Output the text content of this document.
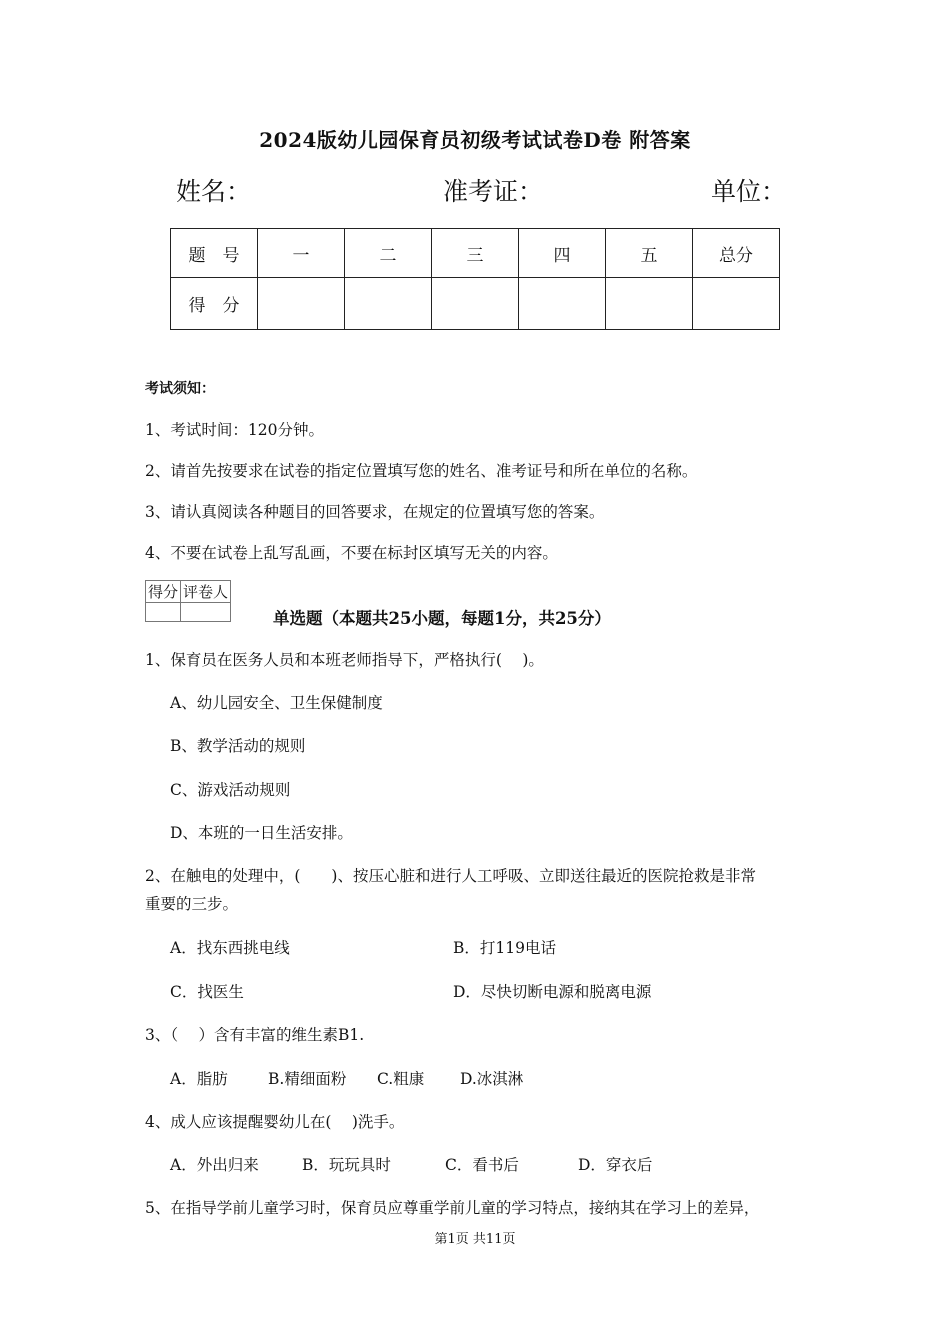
2024版幼儿园保育员初级考试试卷D卷 附答案
姓名：	准考证：	单位：
题　号	一	二	三	四	五	总分
得　分						
考试须知：
1、考试时间：120分钟。
2、请首先按要求在试卷的指定位置填写您的姓名、准考证号和所在单位的名称。
3、请认真阅读各种题目的回答要求，在规定的位置填写您的答案。
4、不要在试卷上乱写乱画，不要在标封区填写无关的内容。
得分	评卷人

单选题（本题共25小题，每题1分，共25分）
1、保育员在医务人员和本班老师指导下，严格执行(　 )。
A、幼儿园安全、卫生保健制度
B、教学活动的规则
C、游戏活动规则
D、本班的一日生活安排。
2、在触电的处理中，(　　)、按压心脏和进行人工呼吸、立即送往最近的医院抢救是非常
重要的三步。
A．找东西挑电线	B．打119电话
C．找医生	D．尽快切断电源和脱离电源
3、（　 ）含有丰富的维生素B1.
A．脂肪	B.精细面粉 C.粗康 D.冰淇淋
4、成人应该提醒婴幼儿在(　 )洗手。
A．外出归来	B．玩玩具时	C．看书后	D．穿衣后
5、在指导学前儿童学习时，保育员应尊重学前儿童的学习特点，接纳其在学习上的差异，
第1页 共11页
